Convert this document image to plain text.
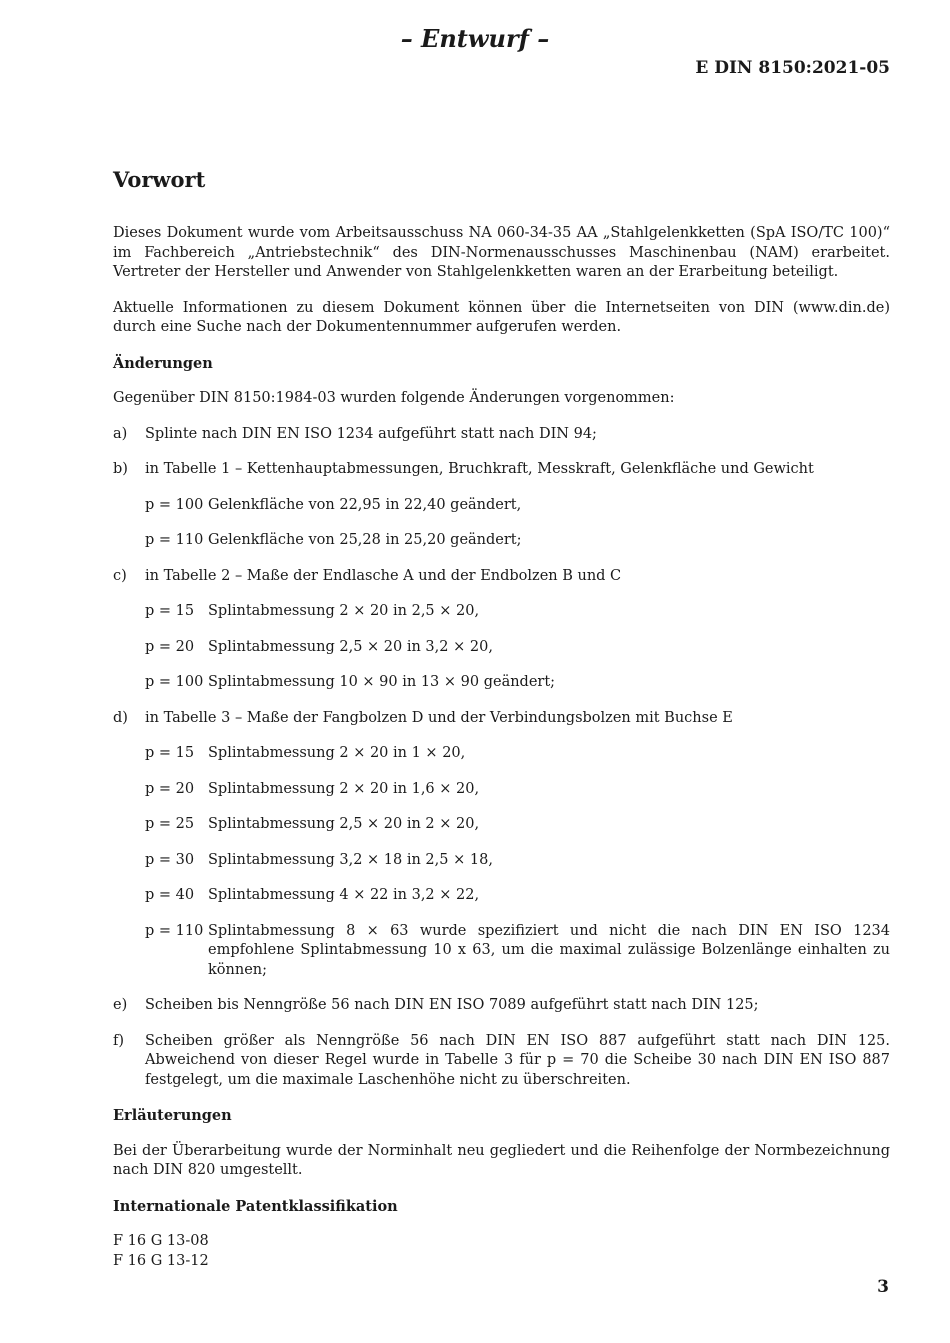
– Entwurf –
E DIN 8150:2021-05
Vorwort

Dieses Dokument wurde vom Arbeitsausschuss NA 060-34-35 AA „Stahlgelenkketten (SpA ISO/TC 100)“ im Fachbereich „Antriebstechnik“ des DIN-Normenausschusses Maschinenbau (NAM) erarbeitet. Vertreter der Hersteller und Anwender von Stahlgelenkketten waren an der Erarbeitung beteiligt.

Aktuelle Informationen zu diesem Dokument können über die Internetseiten von DIN (www.din.de) durch eine Suche nach der Dokumentennummer aufgerufen werden.

Änderungen

Gegenüber DIN 8150:1984-03 wurden folgende Änderungen vorgenommen:

a)	Splinte nach DIN EN ISO 1234 aufgeführt statt nach DIN 94;
b)	in Tabelle 1 – Kettenhauptabmessungen, Bruchkraft, Messkraft, Gelenkfläche und Gewicht
p = 100 Gelenkfläche von 22,95 in 22,40 geändert,
p = 110 Gelenkfläche von 25,28 in 25,20 geändert;
c)	in Tabelle 2 – Maße der Endlasche A und der Endbolzen B und C
p = 15 Splintabmessung 2 × 20 in 2,5 × 20,
p = 20 Splintabmessung 2,5 × 20 in 3,2 × 20,
p = 100 Splintabmessung 10 × 90 in 13 × 90 geändert;
d)	in Tabelle 3 – Maße der Fangbolzen D und der Verbindungsbolzen mit Buchse E
p = 15 Splintabmessung 2 × 20 in 1 × 20,
p = 20 Splintabmessung 2 × 20 in 1,6 × 20,
p = 25 Splintabmessung 2,5 × 20 in 2 × 20,
p = 30 Splintabmessung 3,2 × 18 in 2,5 × 18,
p = 40 Splintabmessung 4 × 22 in 3,2 × 22,
p = 110 Splintabmessung 8 × 63 wurde spezifiziert und nicht die nach DIN EN ISO 1234 empfohlene Splintabmessung 10 x 63, um die maximal zulässige Bolzenlänge einhalten zu können;
e)	Scheiben bis Nenngröße 56 nach DIN EN ISO 7089 aufgeführt statt nach DIN 125;
f)	Scheiben größer als Nenngröße 56 nach DIN EN ISO 887 aufgeführt statt nach DIN 125. Abweichend von dieser Regel wurde in Tabelle 3 für p = 70 die Scheibe 30 nach DIN EN ISO 887 festgelegt, um die maximale Laschenhöhe nicht zu überschreiten.
Erläuterungen

Bei der Überarbeitung wurde der Norminhalt neu gegliedert und die Reihenfolge der Normbezeichnung nach DIN 820 umgestellt.

Internationale Patentklassifikation
F 16 G 13-08
F 16 G 13-12
3
